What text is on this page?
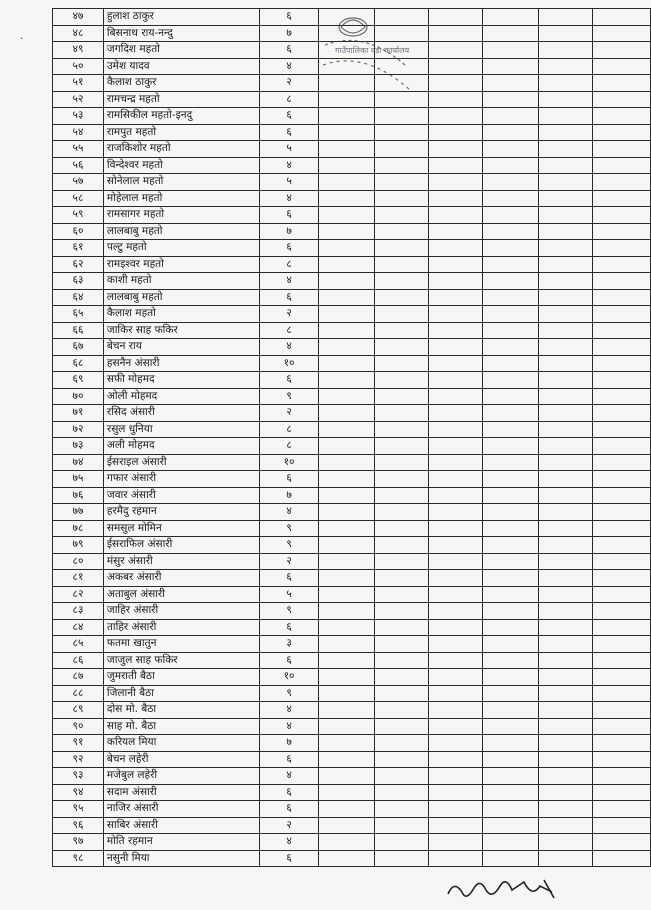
४७	हुलाश ठाकुर	६						
४८	बिसनाथ राय-नन्दु	७						
४९	जगदिश महतो	६						
५०	उमेश यादव	४						
५१	कैलाश ठाकुर	२						
५२	रामचन्द्र महतो	८						
५३	रामसिकील महतो-इनदु	६						
५४	रामपुत महतो	६						
५५	राजकिशोर महतो	५						
५६	विन्देश्वर महतो	४						
५७	सोनेलाल महतो	५						
५८	मोहेलाल महतो	४						
५९	रामसागर महतो	६						
६०	लालबाबु महतो	७						
६१	पल्टु महतो	६						
६२	रामइश्वर महतो	८						
६३	काशी महतो	४						
६४	लालबाबु महतो	६						
६५	कैलाश महतो	२						
६६	जाकिर साह फकिर	८						
६७	बेचन राय	४						
६८	हसनैन अंसारी	१०						
६९	सफी मोहमद	६						
७०	ओली मोहमद	९						
७१	रसिद अंसारी	२						
७२	रसुल धुनिया	८						
७३	अली मोहमद	८						
७४	ईसराइल अंसारी	१०						
७५	गफार अंसारी	६						
७६	जवार अंसारी	७						
७७	हरमैदु रहमान	४						
७८	समसुल मोमिन	९						
७९	ईसराफिल अंसारी	९						
८०	मंसुर अंसारी	२						
८१	अकबर अंसारी	६						
८२	अताबुल अंसारी	५						
८३	जाहिर अंसारी	९						
८४	ताहिर अंसारी	६						
८५	फतमा खातुन	३						
८६	जाजुल साह फकिर	६						
८७	जुमराती बैठा	१०						
८८	जिलानी बैठा	९						
८९	दोस मो. बैठा	४						
९०	साह मो. बैठा	४						
९१	करियल मिया	७						
९२	बेचन लहेरी	६						
९३	मजेबुल लहेरी	४						
९४	सदाम अंसारी	६						
९५	नाजिर अंसारी	६						
९६	साबिर अंसारी	२						
९७	मोति रहमान	४						
९८	नसुनी मिया	६						
गाउँपालिका वडा कार्यालय
·
